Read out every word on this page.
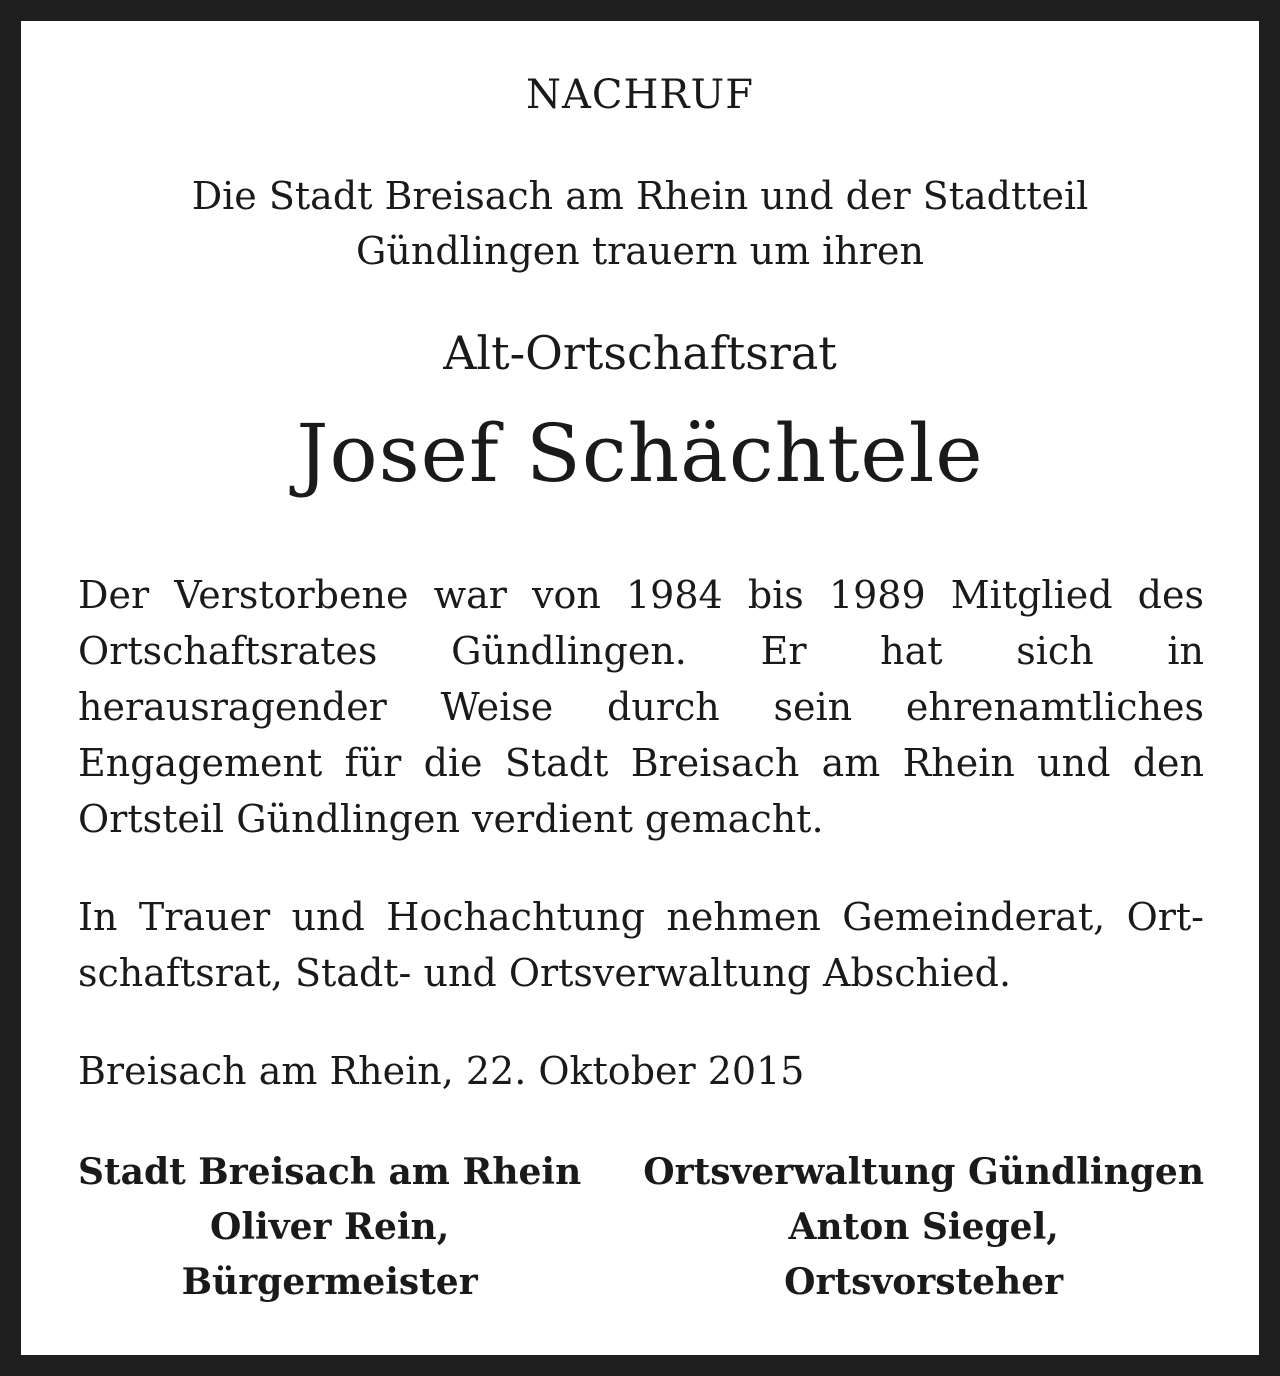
NACHRUF
Die Stadt Breisach am Rhein und der Stadtteil
Gündlingen trauern um ihren
Alt-Ortschaftsrat
Josef Schächtele
Der Verstorbene war von 1984 bis 1989 Mitglied des Ortschaftsrates Gündlingen. Er hat sich in herausragender Weise durch sein ehrenamtliches Engagement für die Stadt Breisach am Rhein und den Ortsteil Gündlingen verdient gemacht.
In Trauer und Hochachtung nehmen Gemeinderat, Ortschaftsrat, Stadt- und Ortsverwaltung Abschied.
Breisach am Rhein, 22. Oktober 2015
Stadt Breisach am Rhein
Oliver Rein,
Bürgermeister
Ortsverwaltung Gündlingen
Anton Siegel,
Ortsvorsteher
